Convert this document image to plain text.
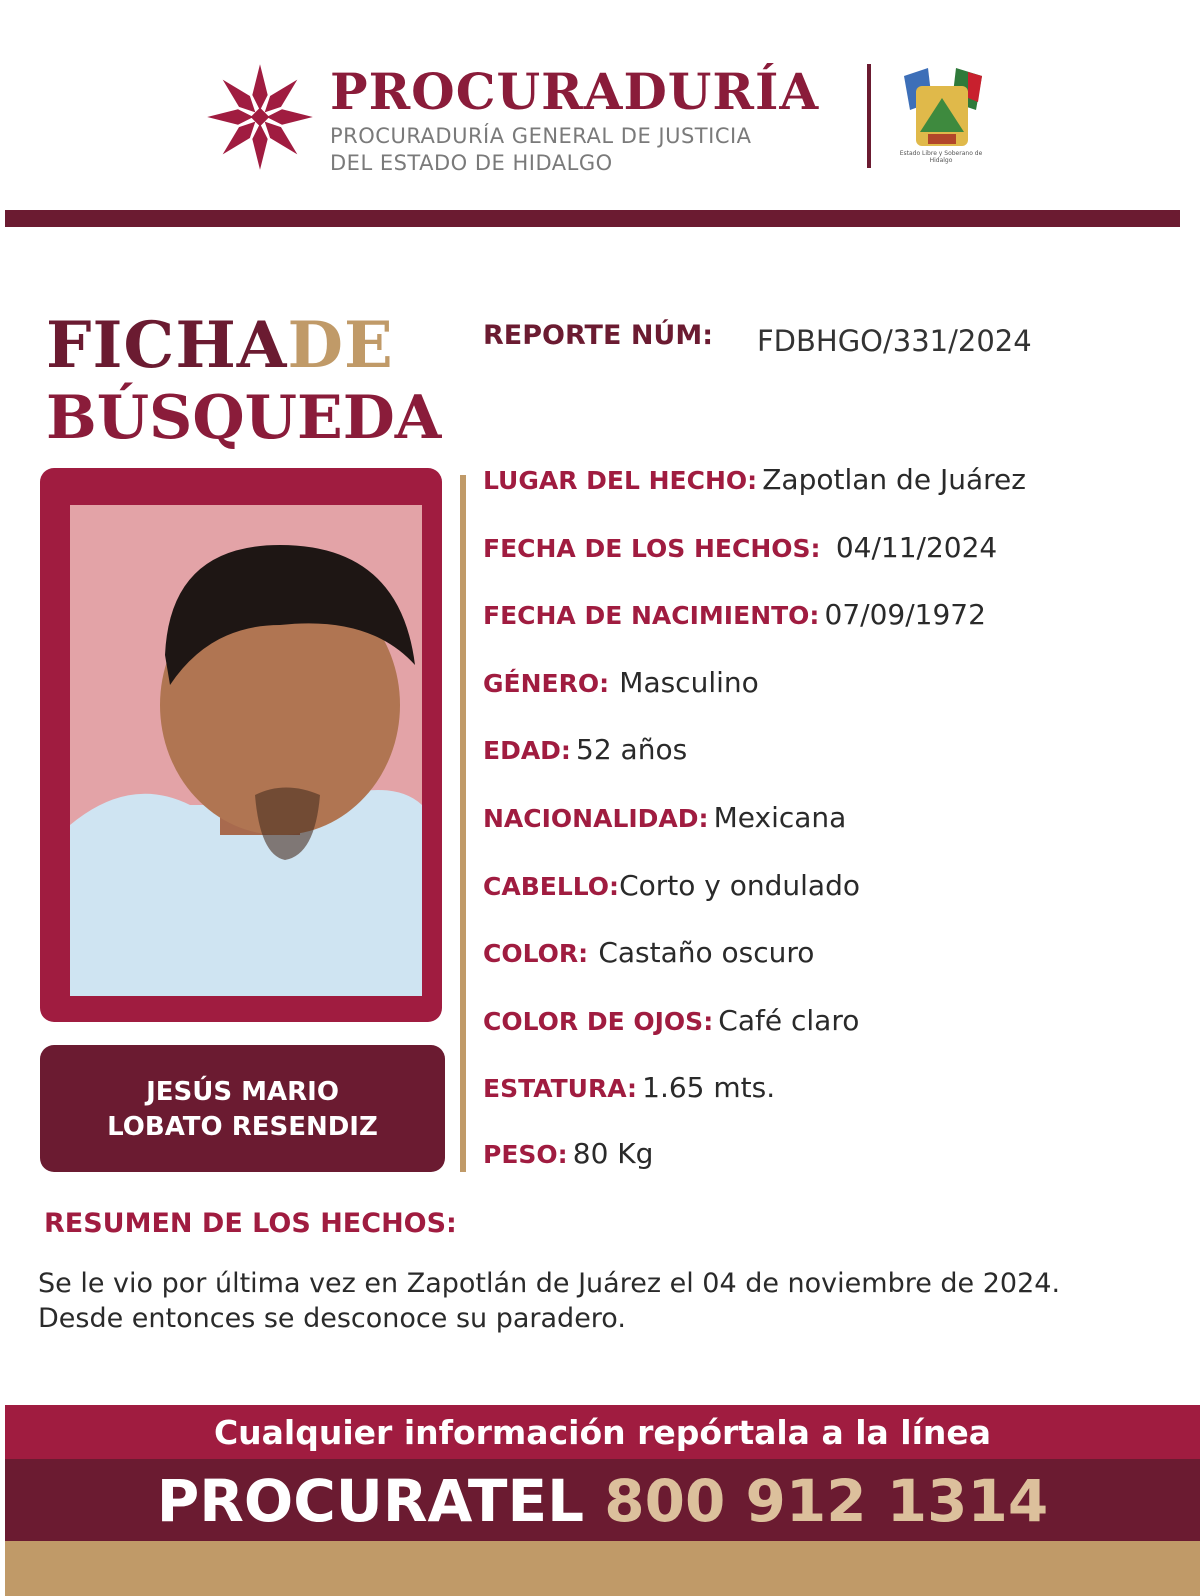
PROCURADURÍA
PROCURADURÍA GENERAL DE JUSTICIA
DEL ESTADO DE HIDALGO	Estado Libre y Soberano de Hidalgo
FICHADE
BÚSQUEDA
REPORTE NÚM: FDBHGO/331/2024
JESÚS MARIO
LOBATO RESENDIZ
LUGAR DEL HECHO: Zapotlan de Juárez
FECHA DE LOS HECHOS: 04/11/2024
FECHA DE NACIMIENTO: 07/09/1972
GÉNERO: Masculino
EDAD: 52 años
NACIONALIDAD: Mexicana
CABELLO:Corto y ondulado
COLOR: Castaño oscuro
COLOR DE OJOS: Café claro
ESTATURA: 1.65 mts.
PESO: 80 Kg
RESUMEN DE LOS HECHOS:
Se le vio por última vez en Zapotlán de Juárez el 04 de noviembre de 2024.
Desde entonces se desconoce su paradero.
Cualquier información repórtala a la línea
PROCURATEL 800 912 1314
